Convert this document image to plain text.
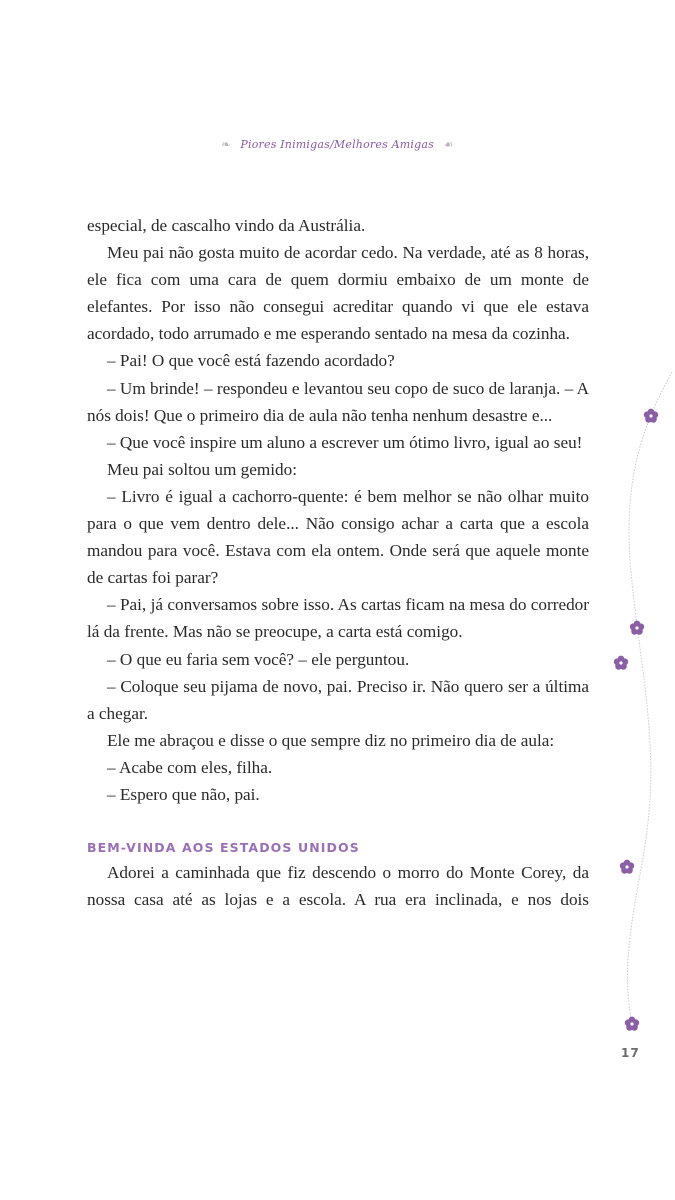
❧ Piores Inimigas/Melhores Amigas ☙

especial, de cascalho vindo da Austrália.

Meu pai não gosta muito de acordar cedo. Na verdade, até as 8 horas, ele fica com uma cara de quem dormiu embaixo de um monte de elefantes. Por isso não consegui acreditar quando vi que ele estava acordado, todo arrumado e me esperando sentado na mesa da cozinha.

– Pai! O que você está fazendo acordado?

– Um brinde! – respondeu e levantou seu copo de suco de laranja. – A nós dois! Que o primeiro dia de aula não tenha nenhum desastre e...

– Que você inspire um aluno a escrever um ótimo livro, igual ao seu!

Meu pai soltou um gemido:

– Livro é igual a cachorro-quente: é bem melhor se não olhar muito para o que vem dentro dele... Não consigo achar a carta que a escola mandou para você. Estava com ela ontem. Onde será que aquele monte de cartas foi parar?

– Pai, já conversamos sobre isso. As cartas ficam na mesa do corredor lá da frente. Mas não se preocupe, a carta está comigo.

– O que eu faria sem você? – ele perguntou.

– Coloque seu pijama de novo, pai. Preciso ir. Não quero ser a última a chegar.

Ele me abraçou e disse o que sempre diz no primeiro dia de aula:

– Acabe com eles, filha.

– Espero que não, pai.

BEM-VINDA AOS ESTADOS UNIDOS

Adorei a caminhada que fiz descendo o morro do Monte Corey, da nossa casa até as lojas e a escola. A rua era inclinada, e nos dois

17
